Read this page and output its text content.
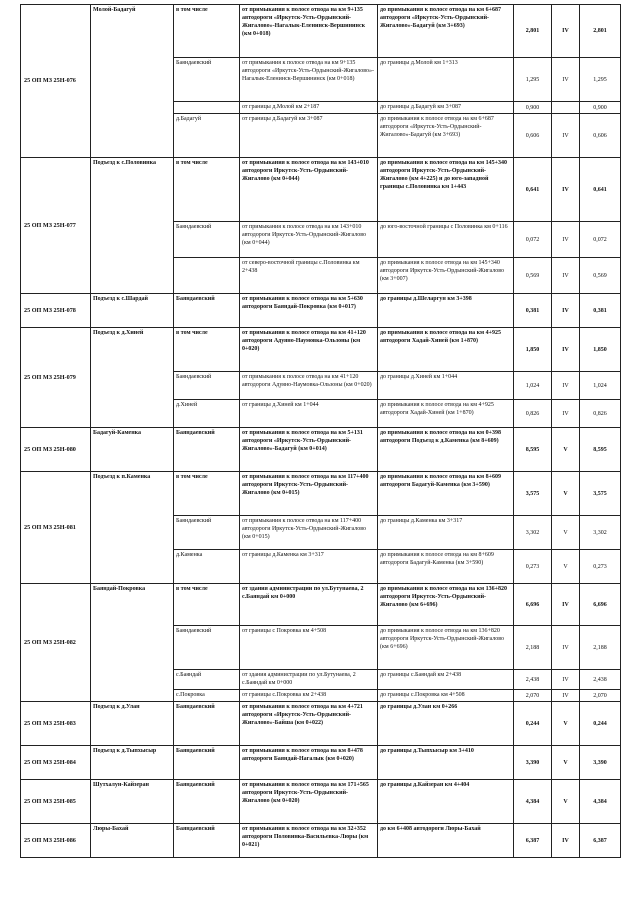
25 ОП МЗ 25Н-076	Молой-Бадагуй	в том числе	от примыкания к полосе отвода на км 9+135 автодороги «Иркутск-Усть-Ордынский-Жигалово»-Нагалык-Еленинск-Вершининск (км 0+018)	до примыкания к полосе отвода на км 6+687 автодороги «Иркутск-Усть-Ордынский-Жигалово»-Бадагуй (км 3+693)	2,801	IV	2,801
		Баяндаевский	от примыкания к полосе отвода на км 9+135 автодороги «Иркутск-Усть-Ордынский-Жигалово»-Нагалык-Еленинск-Вершининск (км 0+018)	до границы д.Молой км 1+313	1,295	IV	1,295
			от границы д.Молой км 2+187	до границы д.Бадагуй км 3+087	0,900		0,900
		д.Бадагуй	от границы д.Бадагуй км 3+087	до примыкания к полосе отвода на км 6+687 автодороги «Иркутск-Усть-Ордынский-Жигалово»-Бадагуй (км 3+693)	0,606	IV	0,606
25 ОП МЗ 25Н-077	Подъезд к с.Половинка	в том числе	от примыкания к полосе отвода на км 143+010 автодороги Иркутск-Усть-Ордынский-Жигалово (км 0+044)	до примыкания к полосе отвода на км 145+340 автодороги Иркутск-Усть-Ордынский-Жигалово (км 4+225) и до юго-западной границы с.Половинка км 1+443	0,641	IV	0,641
		Баяндаевский	от примыкания к полосе отвода на км 143+010 автодороги Иркутск-Усть-Ордынский-Жигалово (км 0+044)	до юго-восточной границы с Половинка км 0+116	0,072	IV	0,072
			от северо-восточной границы с.Половинка км 2+438	до примыкания к полосе отвода на км 145+340 автодороги Иркутск-Усть-Ордынский-Жигалово (км 3+007)	0,569	IV	0,569
25 ОП МЗ 25Н-078	Подъезд к с.Шардай	Баяндаевский	от примыкания к полосе отвода на км 5+630 автодороги Баяндай-Покровка (км 0+017)	до границы д.Шеларгун км 3+398	0,381	IV	0,381
25 ОП МЗ 25Н-079	Подъезд к д.Хиней	в том числе	от примыкания к полосе отвода на км 41+120 автодороги Адуяно-Наумовка-Ользоны (км 0+020)	до примыкания к полосе отвода на км 4+925 автодороги Хадай-Хиней (км 1+870)	1,850	IV	1,850
		Баяндаевский	от примыкания к полосе отвода на км 41+120 автодороги Адуяно-Наумовка-Ользоны (км 0+020)	до границы д.Хиней км 1+044	1,024	IV	1,024
		д.Хиней	от границы д.Хиней км 1+044	до примыкания к полосе отвода на км 4+925 автодороги Хадай-Хиней (км 1+870)	0,826	IV	0,826
25 ОП МЗ 25Н-080	Бадагуй-Каменка	Баяндаевский	от примыкания к полосе отвода на км 5+131 автодороги «Иркутск-Усть-Ордынский-Жигалово»-Бадагуй (км 0+014)	до примыкания к полосе отвода на км 0+398 автодороги Подъезд к д.Каменка (км 8+609)	8,595	V	8,595
25 ОП МЗ 25Н-081	Подъезд к п.Каменка	в том числе	от примыкания к полосе отвода на км 117+400 автодороги Иркутск-Усть-Ордынский-Жигалово (км 0+015)	до примыкания к полосе отвода на км 8+609 автодороги Бадагуй-Каменка (км 3+590)	3,575	V	3,575
		Баяндаевский	от примыкания к полосе отвода на км 117+400 автодороги Иркутск-Усть-Ордынский-Жигалово (км 0+015)	до границы д.Каменка км 3+317	3,302	V	3,302
		д.Каменка	от границы д.Каменка км 3+317	до примыкания к полосе отвода на км 8+609 автодороги Бадагуй-Каменка (км 3+590)	0,273	V	0,273
25 ОП МЗ 25Н-082	Баяндай-Покровка	в том числе	от здания администрации по ул.Бутунаева, 2 с.Баяндай км 0+000	до примыкания к полосе отвода на км 136+820 автодороги Иркутск-Усть-Ордынский-Жигалово (км 6+696)	6,696	IV	6,696
		Баяндаевский	от границы с Покровка км 4+508	до примыкания к полосе отвода на км 136+820 автодороги Иркутск-Усть-Ордынский-Жигалово (км 6+696)	2,188	IV	2,188
		с.Баяндай	от здания администрации по ул.Бутунаева, 2 с.Баяндай км 0+000	до границы с.Баяндай км 2+438	2,438	IV	2,438
		с.Покровка	от границы с.Покровка км 2+438	до границы с.Покровка км 4+508	2,070	IV	2,070
25 ОП МЗ 25Н-083	Подъезд к д.Улан	Баяндаевский	от примыкания к полосе отвода на км 4+721 автодороги «Иркутск-Усть-Ордынский-Жигалово»-Байша (км 0+022)	до границы д.Улан км 0+266	0,244	V	0,244
25 ОП МЗ 25Н-084	Подъезд к д.Тыпхысыр	Баяндаевский	от примыкания к полосе отвода на км 8+478 автодороги Баяндай-Нагалык (км 0+020)	до границы д.Тыпхысыр км 3+410	3,390	V	3,390
25 ОП МЗ 25Н-085	Шутхалун-Кайзеран	Баяндаевский	от примыкания к полосе отвода на км 171+565 автодороги Иркутск-Усть-Ордынский-Жигалово (км 0+020)	до границы д.Кайзеран км 4+404	4,384	V	4,384
25 ОП МЗ 25Н-086	Люры-Бахай	Баяндаевский	от примыкания к полосе отвода на км 32+352 автодороги Половинка-Васильевка-Люры (км 0+021)	до км 6+408 автодороги Люры-Бахай	6,387	IV	6,387
